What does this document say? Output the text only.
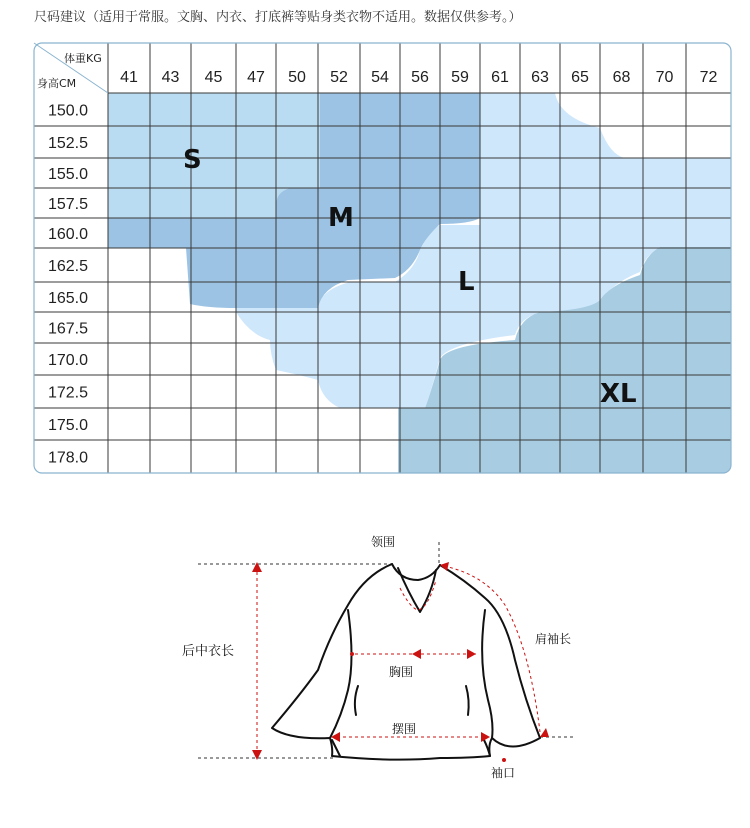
尺码建议（适用于常服。文胸、内衣、打底裤等贴身类衣物不适用。数据仅供参考。）
体重KG
身高CM	41 43 45 47 50 52 54 56 59 61 63 65 68 70 72
150.0
152.5
155.0
157.5
160.0
162.5
165.0
167.5
170.0
172.5
175.0
178.0
S
M
L
XL
领围
肩袖长
后中衣长
胸围
摆围
袖口
